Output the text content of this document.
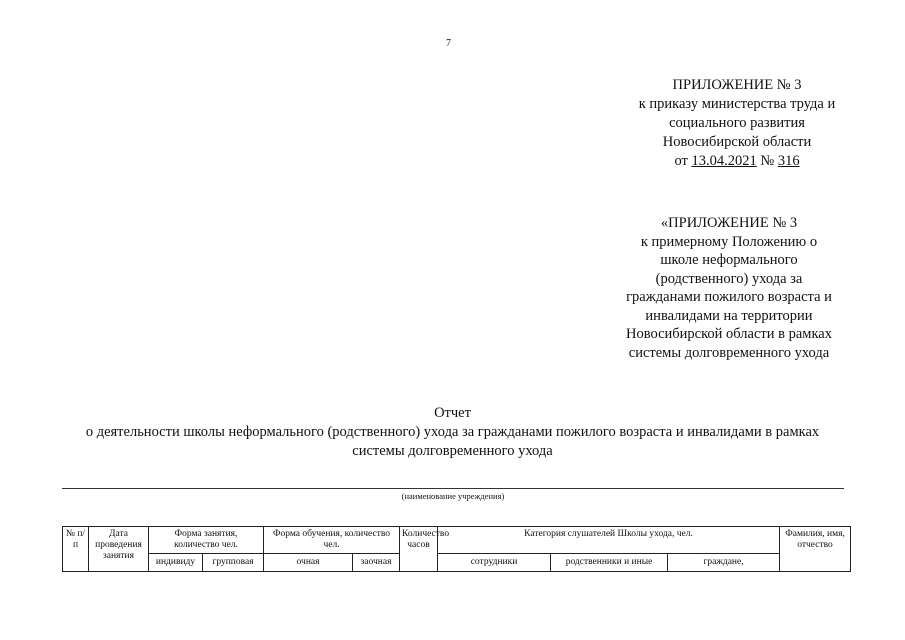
7
ПРИЛОЖЕНИЕ № 3
к приказу министерства труда и
социального развития
Новосибирской области
от 13.04.2021 № 316
«ПРИЛОЖЕНИЕ № 3
к примерному Положению о
школе неформального
(родственного) ухода за
гражданами пожилого возраста и
инвалидами на территории
Новосибирской области в рамках
системы долговременного ухода
Отчет
о деятельности школы неформального (родственного) ухода за гражданами пожилого возраста и инвалидами в рамках
системы долговременного ухода
(наименование учреждения)
№ п/п	Дата проведения занятия	Форма занятия, количество чел.		Форма обучения, количество чел.		Количество часов	Категория слушателей Школы ухода, чел.			Фамилия, имя, отчество
		индивиду	групповая	очная	заочная		сотрудники	родственники и иные	граждане,	
